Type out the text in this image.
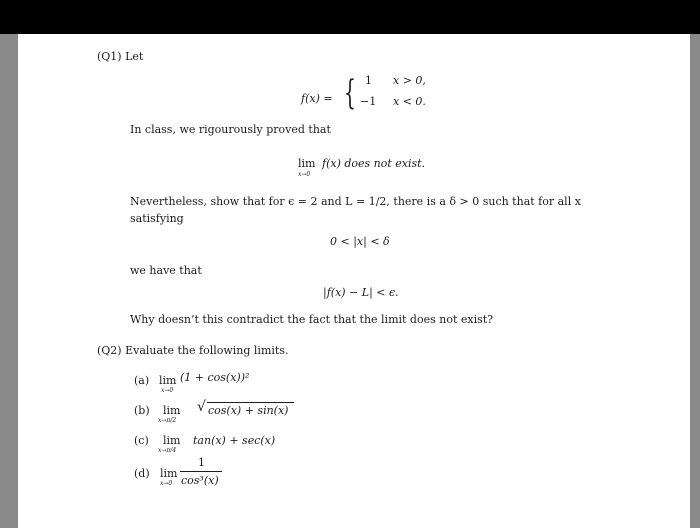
(Q1) Let
f(x) = { 1 x > 0,
−1 x < 0.
In class, we rigourously proved that
lim
x→0
f(x) does not exist.
Nevertheless, show that for ϵ = 2 and L = 1/2, there is a δ > 0 such that for all x
satisfying
0 < |x| < δ
we have that
|f(x) − L| < ϵ.
Why doesn’t this contradict the fact that the limit does not exist?
(Q2) Evaluate the following limits.
(a) lim
x→0
(1 + cos(x))²
(b) lim
x→π/2
√ cos(x) + sin(x)
(c) lim
x→π/4
tan(x) + sec(x)
(d) lim
x→0
1
cos³(x)
